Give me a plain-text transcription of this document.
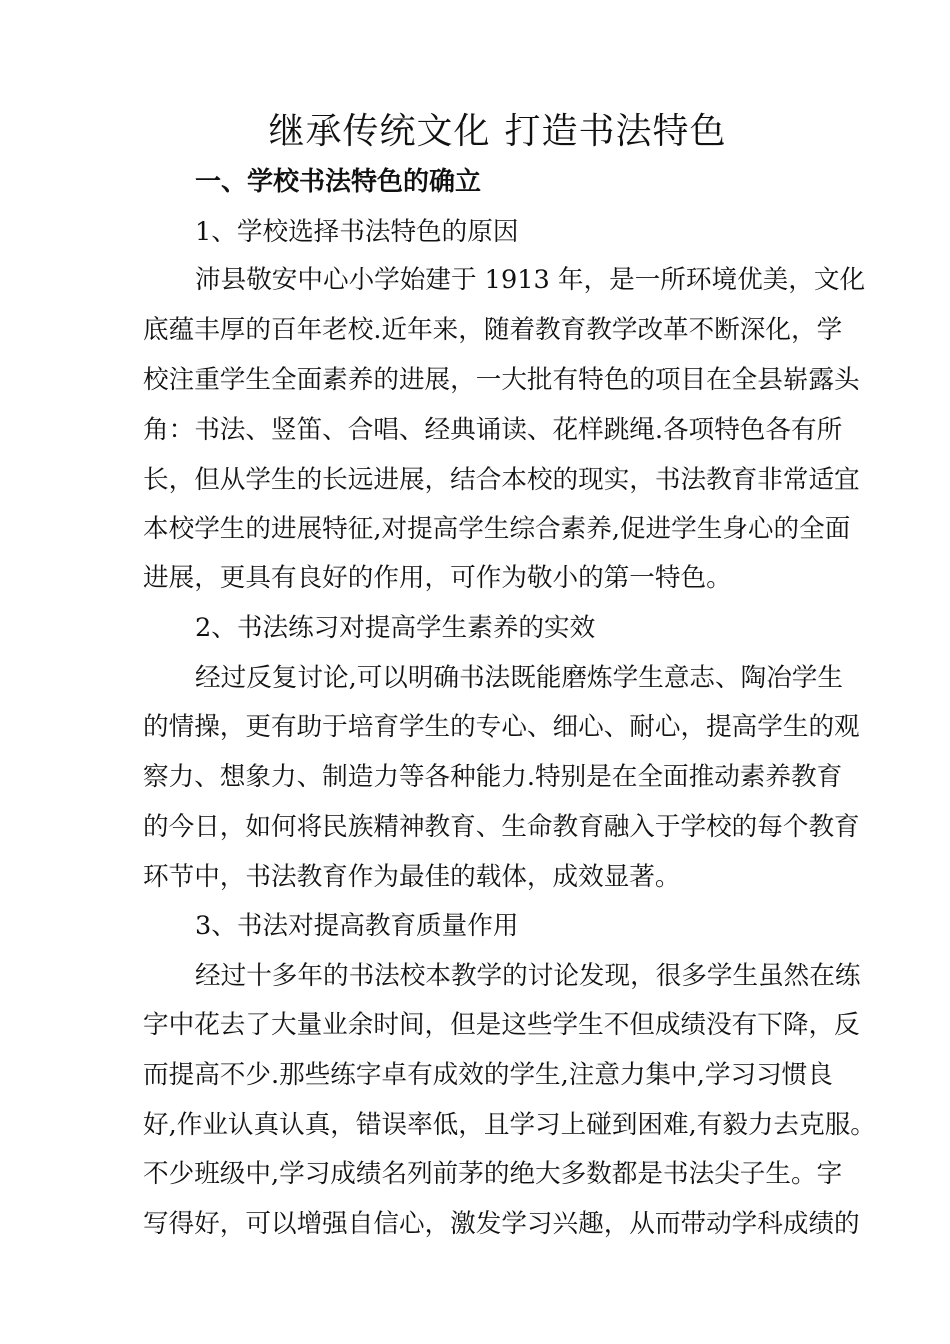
继承传统文化 打造书法特色
一、学校书法特色的确立
1、学校选择书法特色的原因
沛县敬安中心小学始建于 1913 年，是一所环境优美，文化
底蕴丰厚的百年老校.近年来，随着教育教学改革不断深化，学
校注重学生全面素养的进展，一大批有特色的项目在全县崭露头
角：书法、竖笛、合唱、经典诵读、花样跳绳.各项特色各有所
长，但从学生的长远进展，结合本校的现实，书法教育非常适宜
本校学生的进展特征,对提高学生综合素养,促进学生身心的全面
进展，更具有良好的作用，可作为敬小的第一特色。
2、书法练习对提高学生素养的实效
经过反复讨论,可以明确书法既能磨炼学生意志、陶冶学生
的情操，更有助于培育学生的专心、细心、耐心，提高学生的观
察力、想象力、制造力等各种能力.特别是在全面推动素养教育
的今日，如何将民族精神教育、生命教育融入于学校的每个教育
环节中，书法教育作为最佳的载体，成效显著。
3、书法对提高教育质量作用
经过十多年的书法校本教学的讨论发现，很多学生虽然在练
字中花去了大量业余时间，但是这些学生不但成绩没有下降，反
而提高不少.那些练字卓有成效的学生,注意力集中,学习习惯良
好,作业认真认真，错误率低，且学习上碰到困难,有毅力去克服。
不少班级中,学习成绩名列前茅的绝大多数都是书法尖子生。字
写得好，可以增强自信心，激发学习兴趣，从而带动学科成绩的
